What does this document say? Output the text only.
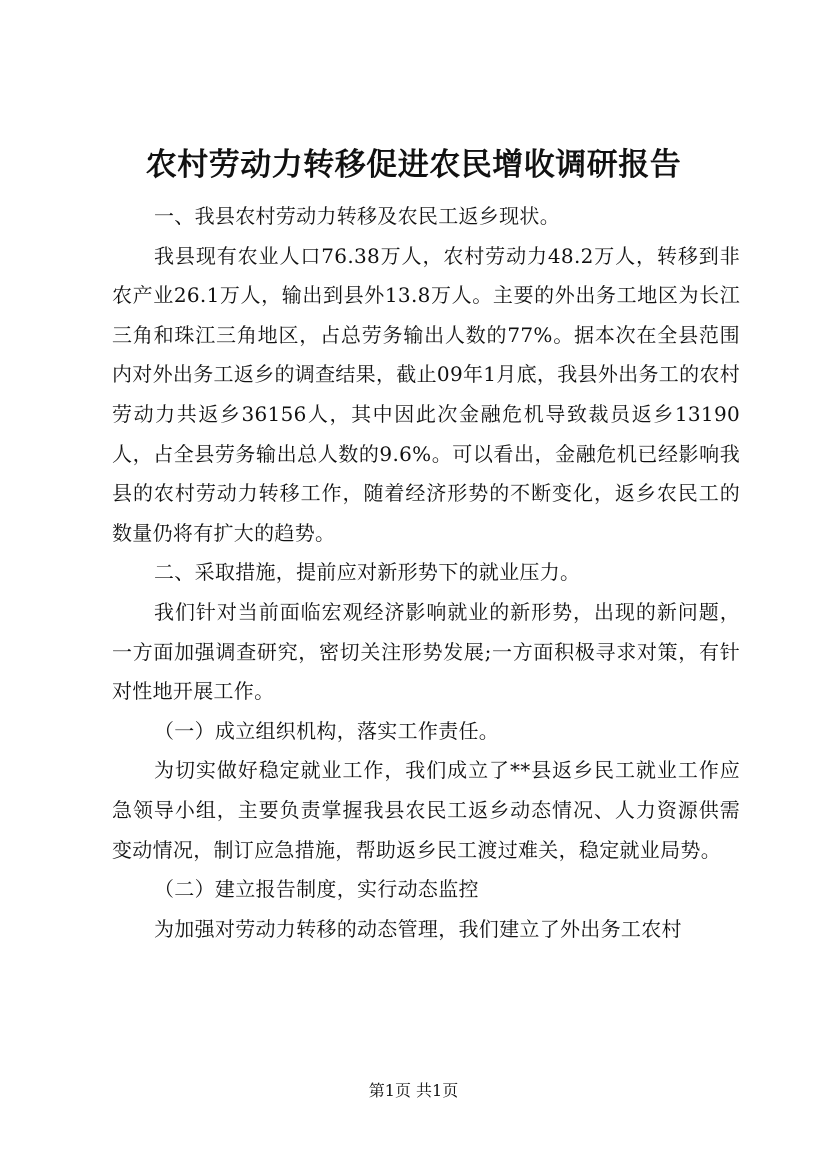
农村劳动力转移促进农民增收调研报告

一、我县农村劳动力转移及农民工返乡现状。

我县现有农业人口76.38万人，农村劳动力48.2万人，转移到非农产业26.1万人，输出到县外13.8万人。主要的外出务工地区为长江三角和珠江三角地区，占总劳务输出人数的77%。据本次在全县范围内对外出务工返乡的调查结果，截止09年1月底，我县外出务工的农村劳动力共返乡36156人，其中因此次金融危机导致裁员返乡13190人，占全县劳务输出总人数的9.6%。可以看出，金融危机已经影响我县的农村劳动力转移工作，随着经济形势的不断变化，返乡农民工的数量仍将有扩大的趋势。

二、采取措施，提前应对新形势下的就业压力。

我们针对当前面临宏观经济影响就业的新形势，出现的新问题，一方面加强调查研究，密切关注形势发展;一方面积极寻求对策，有针对性地开展工作。

（一）成立组织机构，落实工作责任。

为切实做好稳定就业工作，我们成立了**县返乡民工就业工作应急领导小组，主要负责掌握我县农民工返乡动态情况、人力资源供需变动情况，制订应急措施，帮助返乡民工渡过难关，稳定就业局势。

（二）建立报告制度，实行动态监控

为加强对劳动力转移的动态管理，我们建立了外出务工农村

第1页 共1页
